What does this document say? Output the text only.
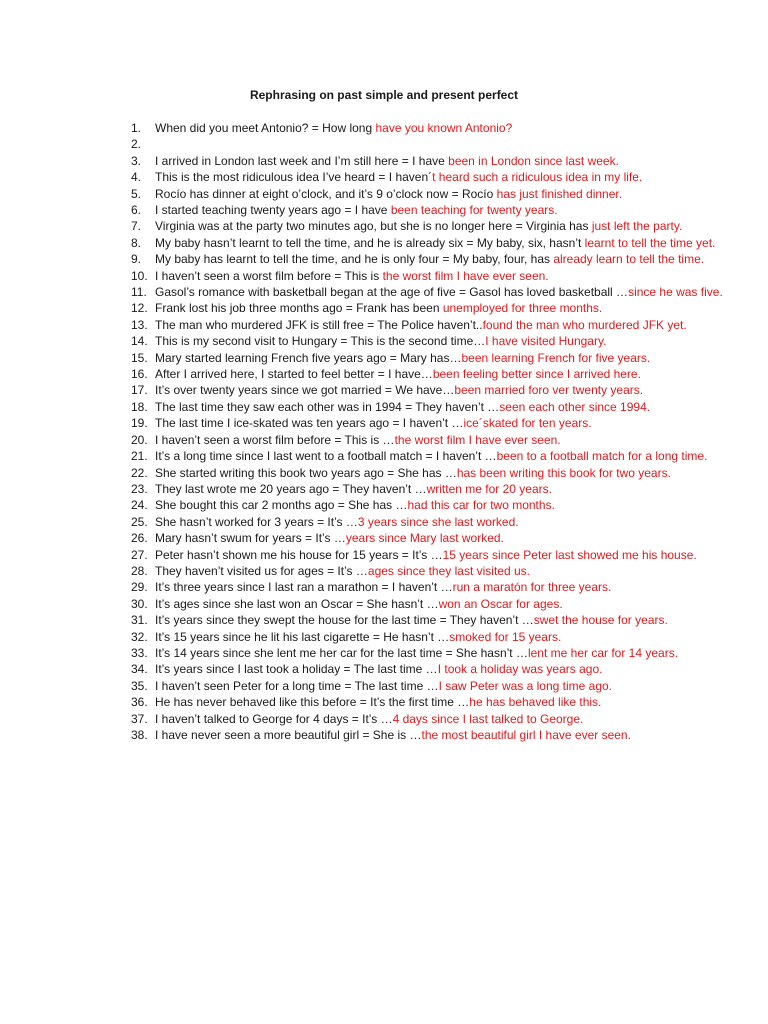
Rephrasing on past simple and present perfect
1. When did you meet Antonio? = How long have you known Antonio?
2.
3. I arrived in London last week and I’m still here = I have been in London since last week.
4. This is the most ridiculous idea I’ve heard = I haven´t heard such a ridiculous idea in my life.
5. Rocío has dinner at eight o’clock, and it’s 9 o’clock now = Rocío has just finished dinner.
6. I started teaching twenty years ago = I have been teaching for twenty years.
7. Virginia was at the party two minutes ago, but she is no longer here = Virginia has just left the party.
8. My baby hasn’t learnt to tell the time, and he is already six = My baby, six, hasn’t learnt to tell the time yet.
9. My baby has learnt to tell the time, and he is only four = My baby, four, has already learn to tell the time.
10. I haven’t seen a worst film before = This is the worst film I have ever seen.
11. Gasol’s romance with basketball began at the age of five = Gasol has loved basketball …since he was five.
12. Frank lost his job three months ago = Frank has been unemployed for three months.
13. The man who murdered JFK is still free = The Police haven’t..found the man who murdered JFK yet.
14. This is my second visit to Hungary = This is the second time…I have visited Hungary.
15. Mary started learning French five years ago = Mary has…been learning French for five years.
16. After I arrived here, I started to feel better = I have…been feeling better since I arrived here.
17. It’s over twenty years since we got married = We have…been married foro ver twenty years.
18. The last time they saw each other was in 1994 = They haven’t …seen each other since 1994.
19. The last time I ice-skated was ten years ago = I haven’t …ice´skated for ten years.
20. I haven’t seen a worst film before = This is …the worst film I have ever seen.
21. It’s a long time since I last went to a football match = I haven’t …been to a football match for a long time.
22. She started writing this book two years ago = She has …has been writing this book for two years.
23. They last wrote me 20 years ago = They haven’t …written me for 20 years.
24. She bought this car 2 months ago = She has …had this car for two months.
25. She hasn’t worked for 3 years = It’s …3 years since she last worked.
26. Mary hasn’t swum for years = It’s …years since Mary last worked.
27. Peter hasn’t shown me his house for 15 years = It’s …15 years since Peter last showed me his house.
28. They haven’t visited us for ages = It’s …ages since they last visited us.
29. It’s three years since I last ran a marathon = I haven’t …run a maratón for three years.
30. It’s ages since she last won an Oscar = She hasn’t …won an Oscar for ages.
31. It’s years since they swept the house for the last time = They haven’t …swet the house for years.
32. It’s 15 years since he lit his last cigarette = He hasn’t …smoked for 15 years.
33. It’s 14 years since she lent me her car for the last time = She hasn’t …lent me her car for 14 years.
34. It’s years since I last took a holiday = The last time …I took a holiday was years ago.
35. I haven’t seen Peter for a long time = The last time …I saw Peter was a long time ago.
36. He has never behaved like this before = It’s the first time …he has behaved like this.
37. I haven’t talked to George for 4 days = It’s …4 days since I last talked to George.
38. I have never seen a more beautiful girl = She is …the most beautiful girl I have ever seen.
